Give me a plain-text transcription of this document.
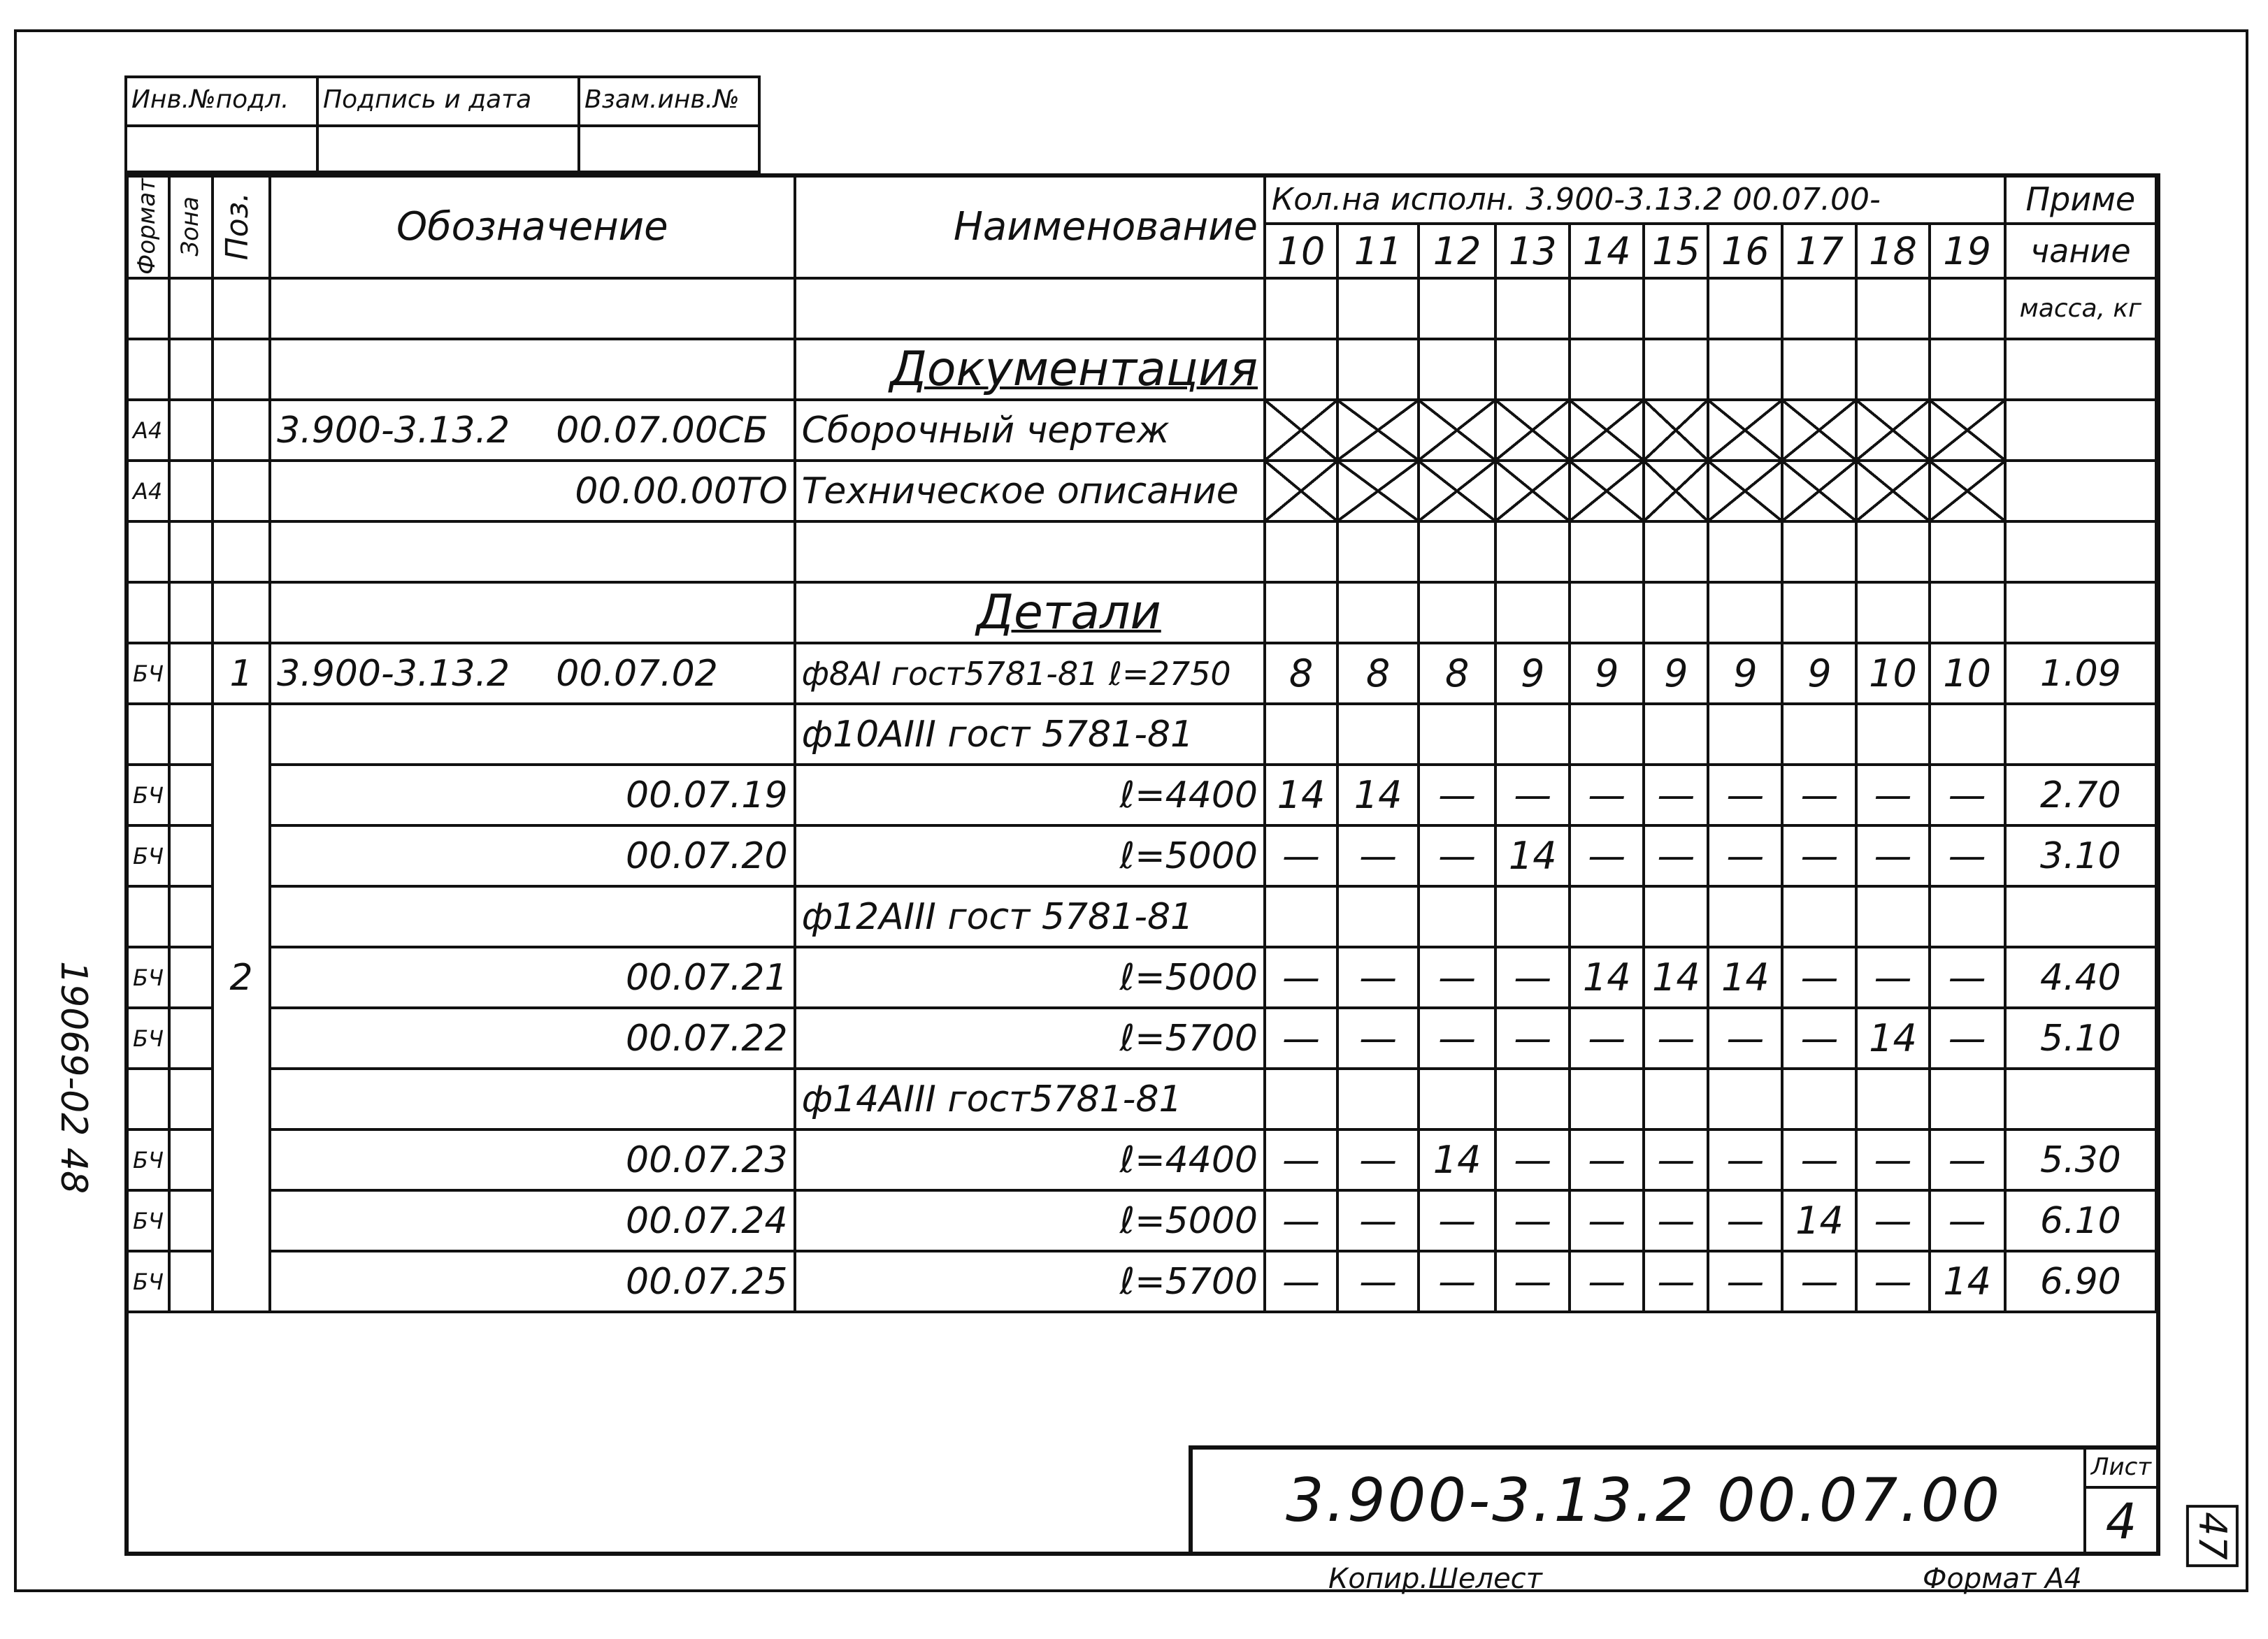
Инв.№подл.	Подпись и дата	Взам.инв.№
Формат	Зона	Поз.	Обозначение	Наименование	Кол.на исполн. 3.900-3.13.2 00.07.00-										Приме
					10	11	12	13	14	15	16	17	18	19	чание
															масса, кг
				Документация											
А4			3.900-3.13.2 00.07.00СБ	Сборочный чертеж											
А4			00.00.00ТО	Техническое описание											

				Детали											
БЧ		1	3.900-3.13.2 00.07.02	ф8АI гост5781-81 ℓ=2750	8	8	8	9	9	9	9	9	10	10	1.09
				ф10АIII гост 5781-81											
БЧ			00.07.19	ℓ=4400	14	14	—	—	—	—	—	—	—	—	2.70
БЧ			00.07.20	ℓ=5000	—	—	—	14	—	—	—	—	—	—	3.10
				ф12АIII гост 5781-81											
БЧ		2	00.07.21	ℓ=5000	—	—	—	—	14	14	14	—	—	—	4.40
БЧ			00.07.22	ℓ=5700	—	—	—	—	—	—	—	—	14	—	5.10
				ф14АIII гост5781-81											
БЧ			00.07.23	ℓ=4400	—	—	14	—	—	—	—	—	—	—	5.30
БЧ			00.07.24	ℓ=5000	—	—	—	—	—	—	—	14	—	—	6.10
БЧ			00.07.25	ℓ=5700	—	—	—	—	—	—	—	—	—	14	6.90
3.900-3.13.2 00.07.00	Лист
4
Копир.Шелест	Формат А4
19069-02 48
47
